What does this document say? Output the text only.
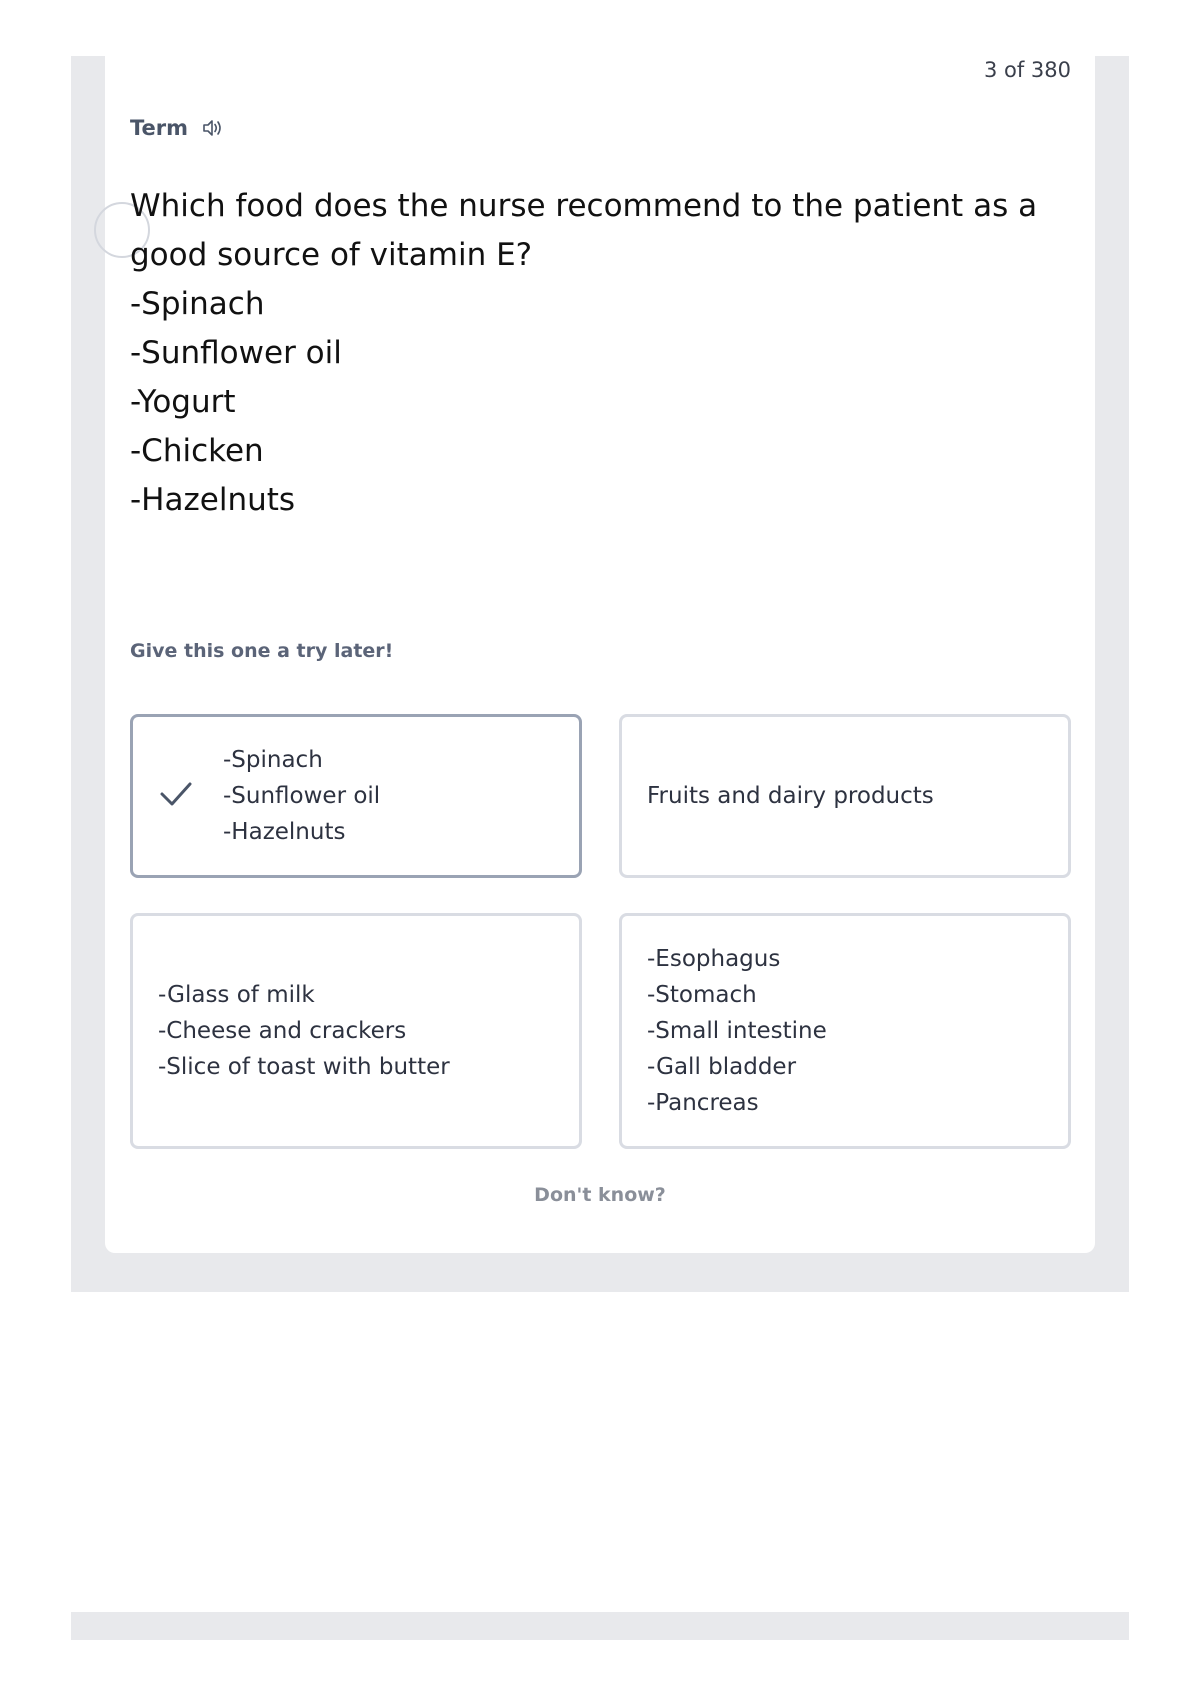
3 of 380
Term
Which food does the nurse recommend to the patient as a good source of vitamin E?
-Spinach
-Sunflower oil
-Yogurt
-Chicken
-Hazelnuts
Give this one a try later!
-Spinach
-Sunflower oil
-Hazelnuts
Fruits and dairy products
-Glass of milk
-Cheese and crackers
-Slice of toast with butter
-Esophagus
-Stomach
-Small intestine
-Gall bladder
-Pancreas
Don't know?
